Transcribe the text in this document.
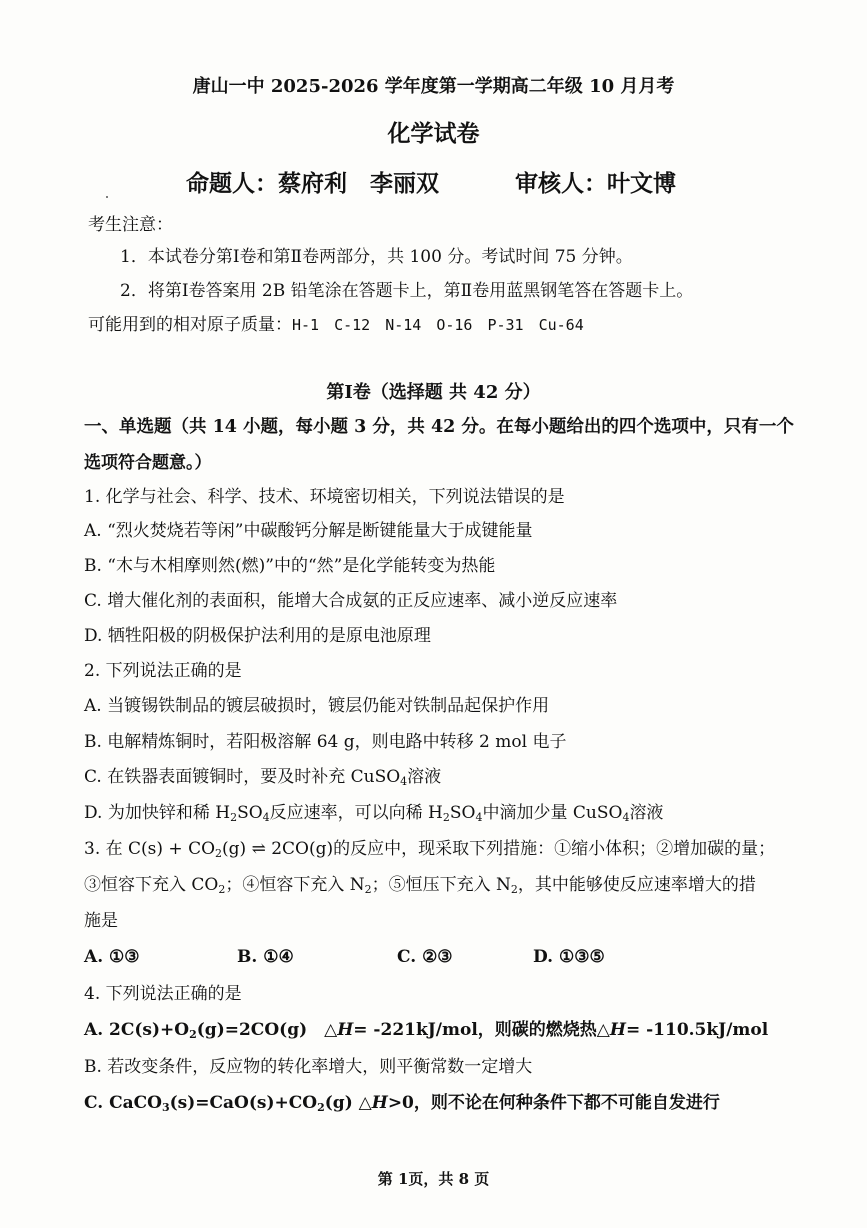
唐山一中 2025-2026 学年度第一学期高二年级 10 月月考
化学试卷
命题人：蔡府利　李丽双	审核人：叶文博
考生注意：
1．本试卷分第Ⅰ卷和第Ⅱ卷两部分，共 100 分。考试时间 75 分钟。
2．将第Ⅰ卷答案用 2B 铅笔涂在答题卡上，第Ⅱ卷用蓝黑钢笔答在答题卡上。
可能用到的相对原子质量：H-1　C-12　N-14　O-16　P-31　Cu-64
第Ⅰ卷（选择题 共 42 分）
一、单选题（共 14 小题，每小题 3 分，共 42 分。在每小题给出的四个选项中，只有一个
选项符合题意。）
1. 化学与社会、科学、技术、环境密切相关，下列说法错误的是
A. “烈火焚烧若等闲”中碳酸钙分解是断键能量大于成键能量
B. “木与木相摩则然(燃)”中的“然”是化学能转变为热能
C. 增大催化剂的表面积，能增大合成氨的正反应速率、减小逆反应速率
D. 牺牲阳极的阴极保护法利用的是原电池原理
2. 下列说法正确的是
A. 当镀锡铁制品的镀层破损时，镀层仍能对铁制品起保护作用
B. 电解精炼铜时，若阳极溶解 64 g，则电路中转移 2 mol 电子
C. 在铁器表面镀铜时，要及时补充 CuSO$_4$溶液
D. 为加快锌和稀 $H_2SO_4$反应速率，可以向稀 $H_2SO_4$中滴加少量 CuSO$_4$溶液
3. 在 $C(s) + CO_2(g)$ ⇌ 2CO(g)的反应中，现采取下列措施：①缩小体积；②增加碳的量；
③恒容下充入 $CO_2$；④恒容下充入 $N_2$；⑤恒压下充入 $N_2$，其中能够使反应速率增大的措
施是
A. ①③	B. ①④	C. ②③	D. ①③⑤
4. 下列说法正确的是
A. $2C(s)+O_2(g)=2CO(g)$　△H= -221kJ/mol，则碳的燃烧热△H= -110.5kJ/mol
B. 若改变条件，反应物的转化率增大，则平衡常数一定增大
C. $CaCO_3(s)=CaO(s)+CO_2(g)$ △H>0，则不论在何种条件下都不可能自发进行
第 1页，共 8 页
